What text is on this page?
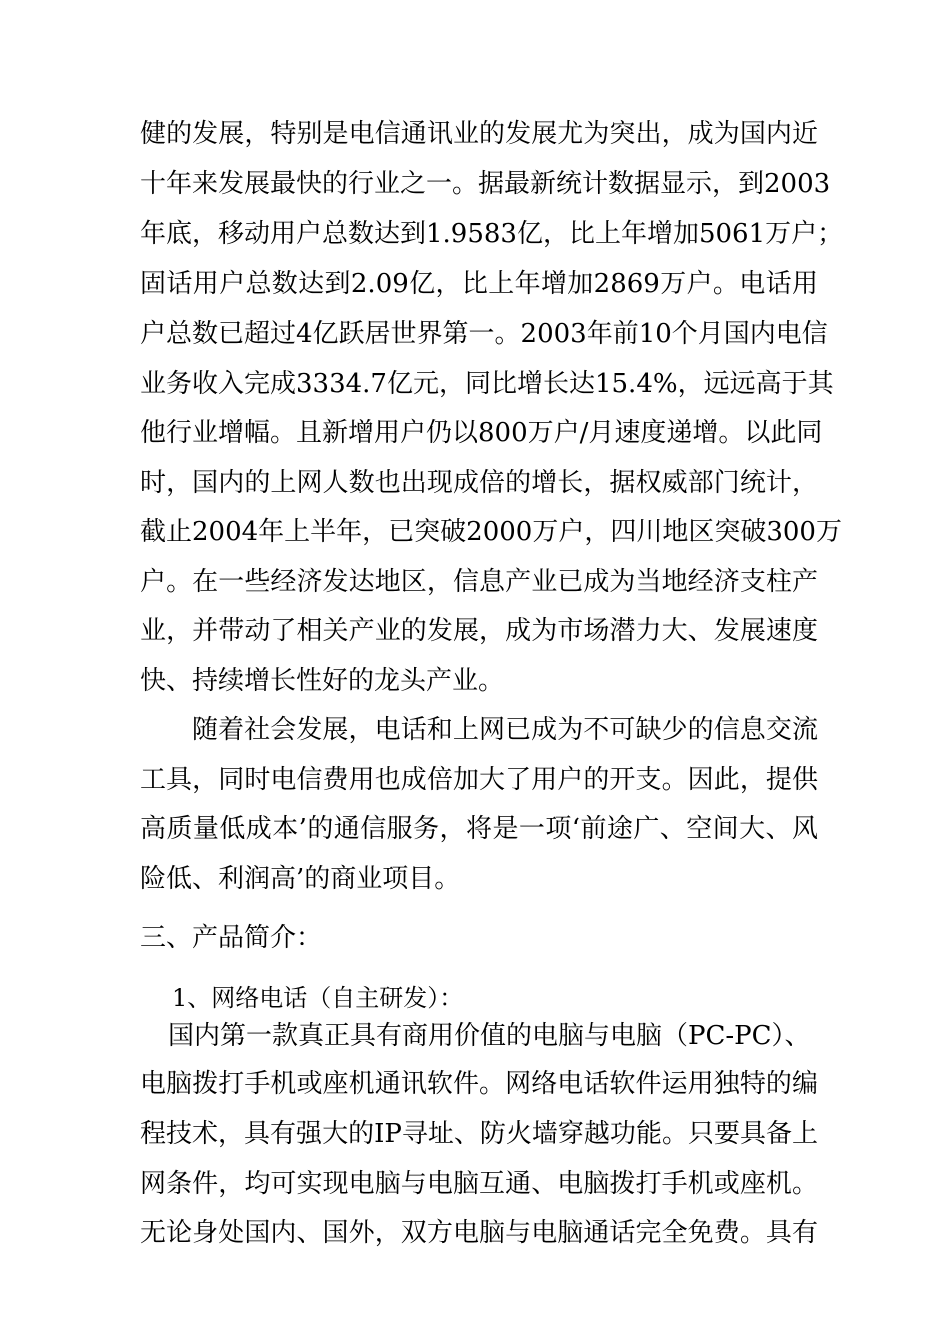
健的发展，特别是电信通讯业的发展尤为突出，成为国内近
十年来发展最快的行业之一。据最新统计数据显示，到2003
年底，移动用户总数达到1.9583亿，比上年增加5061万户；
固话用户总数达到2.09亿，比上年增加2869万户。电话用
户总数已超过4亿跃居世界第一。2003年前10个月国内电信
业务收入完成3334.7亿元，同比增长达15.4%，远远高于其
他行业增幅。且新增用户仍以800万户/月速度递增。以此同
时，国内的上网人数也出现成倍的增长，据权威部门统计，
截止2004年上半年，已突破2000万户，四川地区突破300万
户。在一些经济发达地区，信息产业已成为当地经济支柱产
业，并带动了相关产业的发展，成为市场潜力大、发展速度
快、持续增长性好的龙头产业。
随着社会发展，电话和上网已成为不可缺少的信息交流
工具，同时电信费用也成倍加大了用户的开支。因此，提供
高质量低成本’的通信服务，将是一项‘前途广、空间大、风
险低、利润高’的商业项目。
三、产品简介：
1、网络电话（自主研发）：
国内第一款真正具有商用价值的电脑与电脑（PC-PC）、
电脑拨打手机或座机通讯软件。网络电话软件运用独特的编
程技术，具有强大的IP寻址、防火墙穿越功能。只要具备上
网条件，均可实现电脑与电脑互通、电脑拨打手机或座机。
无论身处国内、国外，双方电脑与电脑通话完全免费。具有
